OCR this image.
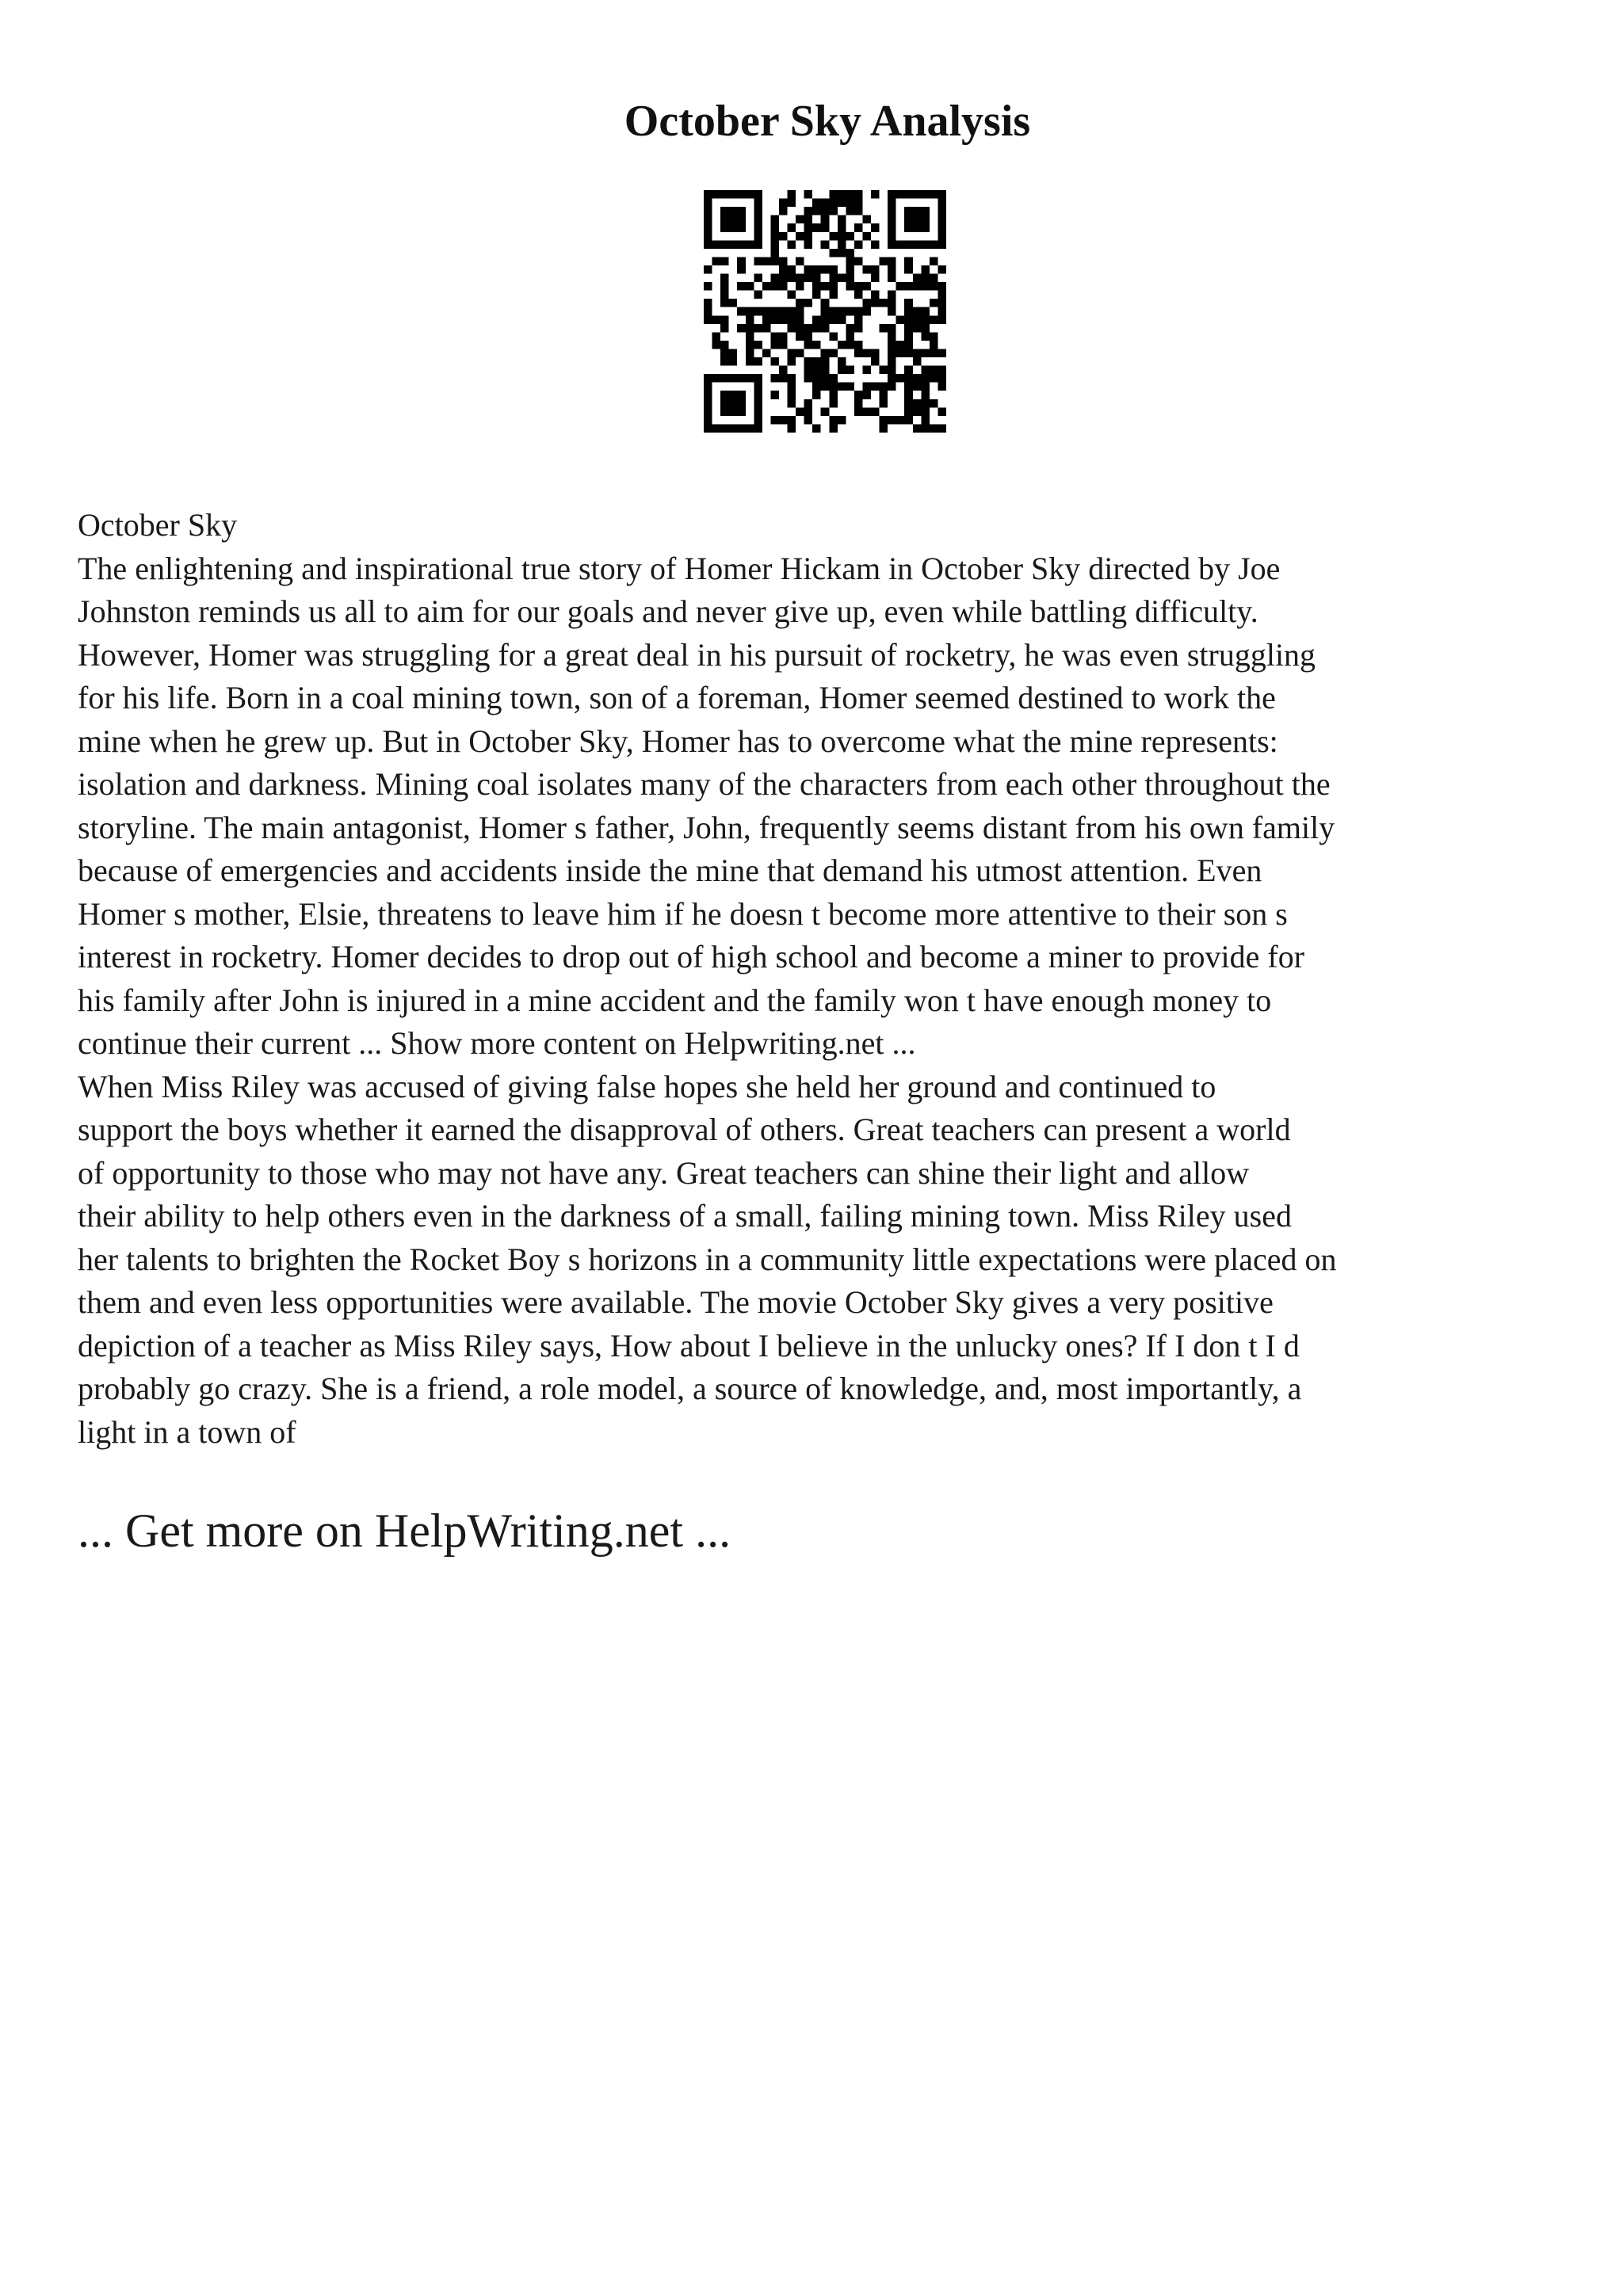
October Sky Analysis

October Sky

The enlightening and inspirational true story of Homer Hickam in October Sky directed by Joe

Johnston reminds us all to aim for our goals and never give up, even while battling difficulty.

However, Homer was struggling for a great deal in his pursuit of rocketry, he was even struggling

for his life. Born in a coal mining town, son of a foreman, Homer seemed destined to work the

mine when he grew up. But in October Sky, Homer has to overcome what the mine represents:

isolation and darkness. Mining coal isolates many of the characters from each other throughout the

storyline. The main antagonist, Homer s father, John, frequently seems distant from his own family

because of emergencies and accidents inside the mine that demand his utmost attention. Even

Homer s mother, Elsie, threatens to leave him if he doesn t become more attentive to their son s

interest in rocketry. Homer decides to drop out of high school and become a miner to provide for

his family after John is injured in a mine accident and the family won t have enough money to

continue their current ... Show more content on Helpwriting.net ...

When Miss Riley was accused of giving false hopes she held her ground and continued to

support the boys whether it earned the disapproval of others. Great teachers can present a world

of opportunity to those who may not have any. Great teachers can shine their light and allow

their ability to help others even in the darkness of a small, failing mining town. Miss Riley used

her talents to brighten the Rocket Boy s horizons in a community little expectations were placed on

them and even less opportunities were available. The movie October Sky gives a very positive

depiction of a teacher as Miss Riley says, How about I believe in the unlucky ones? If I don t I d

probably go crazy. She is a friend, a role model, a source of knowledge, and, most importantly, a

light in a town of

... Get more on HelpWriting.net ...
